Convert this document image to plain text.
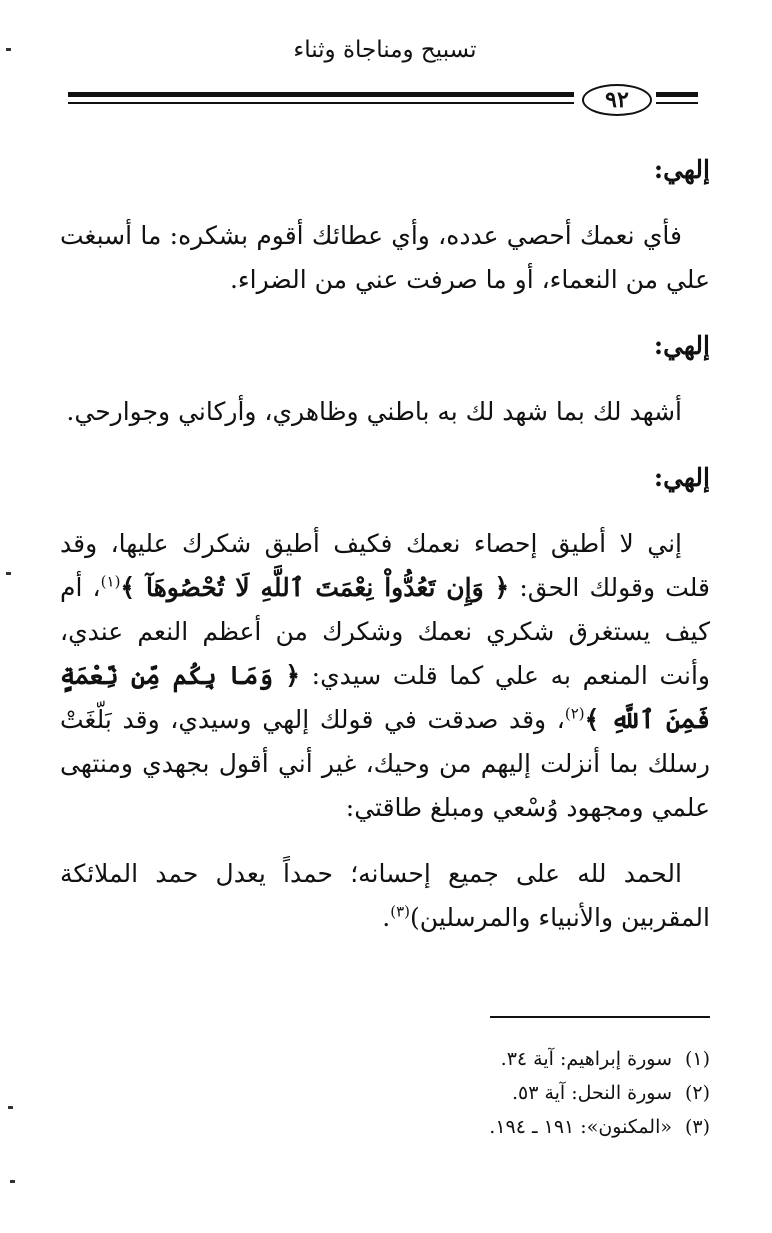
تسبيح ومناجاة وثناء
٩٢
إلهي:
فأي نعمك أحصي عدده، وأي عطائك أقوم بشكره: ما أسبغت علي من النعماء، أو ما صرفت عني من الضراء.
إلهي:
أشهد لك بما شهد لك به باطني وظاهري، وأركاني وجوارحي.
إلهي:
إني لا أطيق إحصاء نعمك فكيف أطيق شكرك عليها، وقد قلت وقولك الحق: ﴿ وَإِن تَعُدُّواْ نِعْمَتَ ٱللَّهِ لَا تُحْصُوهَآ ﴾$^{(١)}$، أم كيف يستغرق شكري نعمك وشكرك من أعظم النعم عندي، وأنت المنعم به علي كما قلت سيدي: ﴿ وَمَا بِكُم مِّن نِّعْمَةٍ فَمِنَ ٱللَّهِ ﴾$^{(٢)}$، وقد صدقت في قولك إلهي وسيدي، وقد بَلّغَتْ رسلك بما أنزلت إليهم من وحيك، غير أني أقول بجهدي ومنتهى علمي ومجهود وُسْعي ومبلغ طاقتي:
الحمد لله على جميع إحسانه؛ حمداً يعدل حمد الملائكة المقربين والأنبياء والمرسلين)$^{(٣)}$.
(١)سورة إبراهيم: آية ٣٤.
(٢)سورة النحل: آية ٥٣.
(٣)«المكنون»: ١٩١ ـ ١٩٤.
